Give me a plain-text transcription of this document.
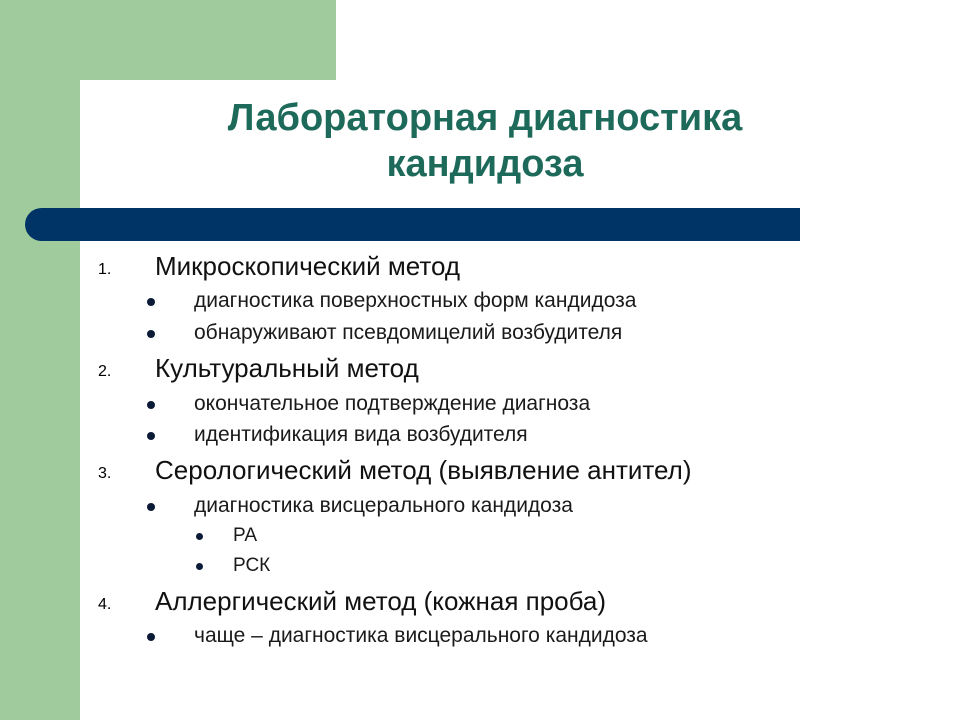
Лабораторная диагностика
кандидоза
1. Микроскопический метод
диагностика поверхностных форм кандидоза
обнаруживают псевдомицелий возбудителя
2. Культуральный метод
окончательное подтверждение диагноза
идентификация вида возбудителя
3. Серологический метод (выявление антител)
диагностика висцерального кандидоза
РА
РСК
4. Аллергический метод (кожная проба)
чаще – диагностика висцерального кандидоза
